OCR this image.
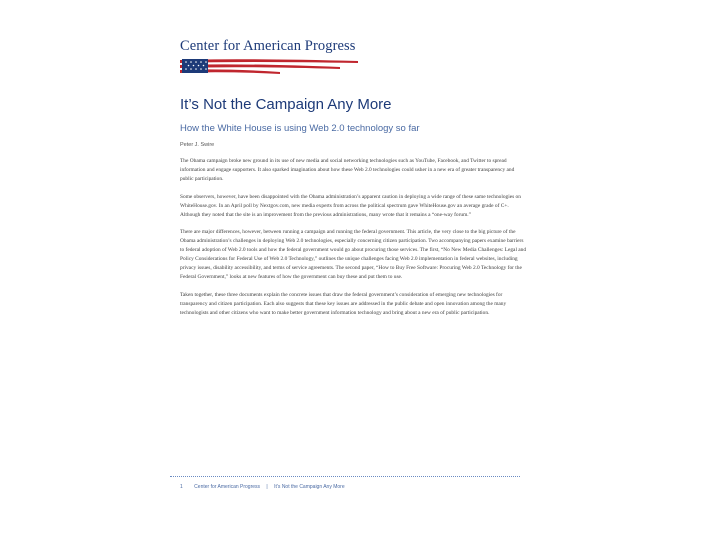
Center for American Progress
It’s Not the Campaign Any More
How the White House is using Web 2.0 technology so far
Peter J. Swire

The Obama campaign broke new ground in its use of new media and social networking technologies such as YouTube, Facebook, and Twitter to spread information and engage supporters. It also sparked imagination about how these Web 2.0 technologies could usher in a new era of greater transparency and public participation.

Some observers, however, have been disappointed with the Obama administration’s apparent caution in deploying a wide range of these same technologies on WhiteHouse.gov. In an April poll by Nextgov.com, new media experts from across the political spectrum gave WhiteHouse.gov an average grade of C+. Although they noted that the site is an improvement from the previous administrations, many wrote that it remains a “one-way forum.”

There are major differences, however, between running a campaign and running the federal government. This article, the very close to the big picture of the Obama administration’s challenges in deploying Web 2.0 technologies, especially concerning citizen participation. Two accompanying papers examine barriers to federal adoption of Web 2.0 tools and how the federal government would go about procuring those services. The first, “No New Media Challenges: Legal and Policy Considerations for Federal Use of Web 2.0 Technology,” outlines the unique challenges facing Web 2.0 implementation in federal websites, including privacy issues, disability accessibility, and terms of service agreements. The second paper, “How to Buy Free Software: Procuring Web 2.0 Technology for the Federal Government,” looks at new features of how the government can buy these and put them to use.

Taken together, these three documents explain the concrete issues that draw the federal government’s consideration of emerging new technologies for transparency and citizen participation. Each also suggests that these key issues are addressed in the public debate and open innovation among the many technologists and other citizens who want to make better government information technology and bring about a new era of public participation.

1 Center for American Progress | It’s Not the Campaign Any More
